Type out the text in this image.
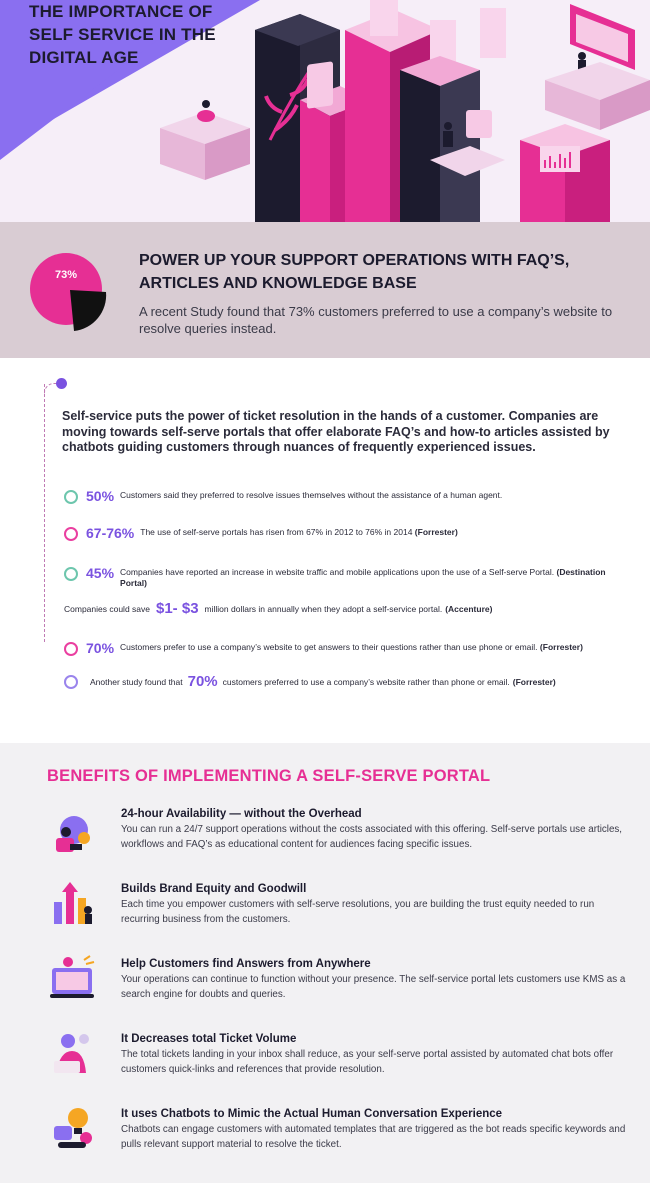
THE IMPORTANCE OF SELF SERVICE IN THE DIGITAL AGE
73%
POWER UP YOUR SUPPORT OPERATIONS WITH FAQ’S, ARTICLES AND KNOWLEDGE BASE
A recent Study found that 73% customers preferred to use a company’s website to resolve queries instead.
Self-service puts the power of ticket resolution in the hands of a customer. Companies are moving towards self-serve portals that offer elaborate FAQ’s and how-to articles assisted by chatbots guiding customers through nuances of frequently experienced issues.
50% Customers said they preferred to resolve issues themselves without the assistance of a human agent.
67-76% The use of self-serve portals has risen from 67% in 2012 to 76% in 2014 (Forrester)
45% Companies have reported an increase in website traffic and mobile applications upon the use of a Self-serve Portal. (Destination Portal)
Companies could save $1- $3 million dollars in annually when they adopt a self-service portal. (Accenture)
70% Customers prefer to use a company’s website to get answers to their questions rather than use phone or email. (Forrester)
Another study found that 70% customers preferred to use a company’s website rather than phone or email. (Forrester)
BENEFITS OF IMPLEMENTING A SELF-SERVE PORTAL
24-hour Availability — without the Overhead
You can run a 24/7 support operations without the costs associated with this offering. Self-serve portals use articles, workflows and FAQ’s as educational content for audiences facing specific issues.
Builds Brand Equity and Goodwill
Each time you empower customers with self-serve resolutions, you are building the trust equity needed to run recurring business from the customers.
Help Customers find Answers from Anywhere
Your operations can continue to function without your presence. The self-service portal lets customers use KMS as a search engine for doubts and queries.
It Decreases total Ticket Volume
The total tickets landing in your inbox shall reduce, as your self-serve portal assisted by automated chat bots offer customers quick-links and references that provide resolution.
It uses Chatbots to Mimic the Actual Human Conversation Experience
Chatbots can engage customers with automated templates that are triggered as the bot reads specific keywords and pulls relevant support material to resolve the ticket.
